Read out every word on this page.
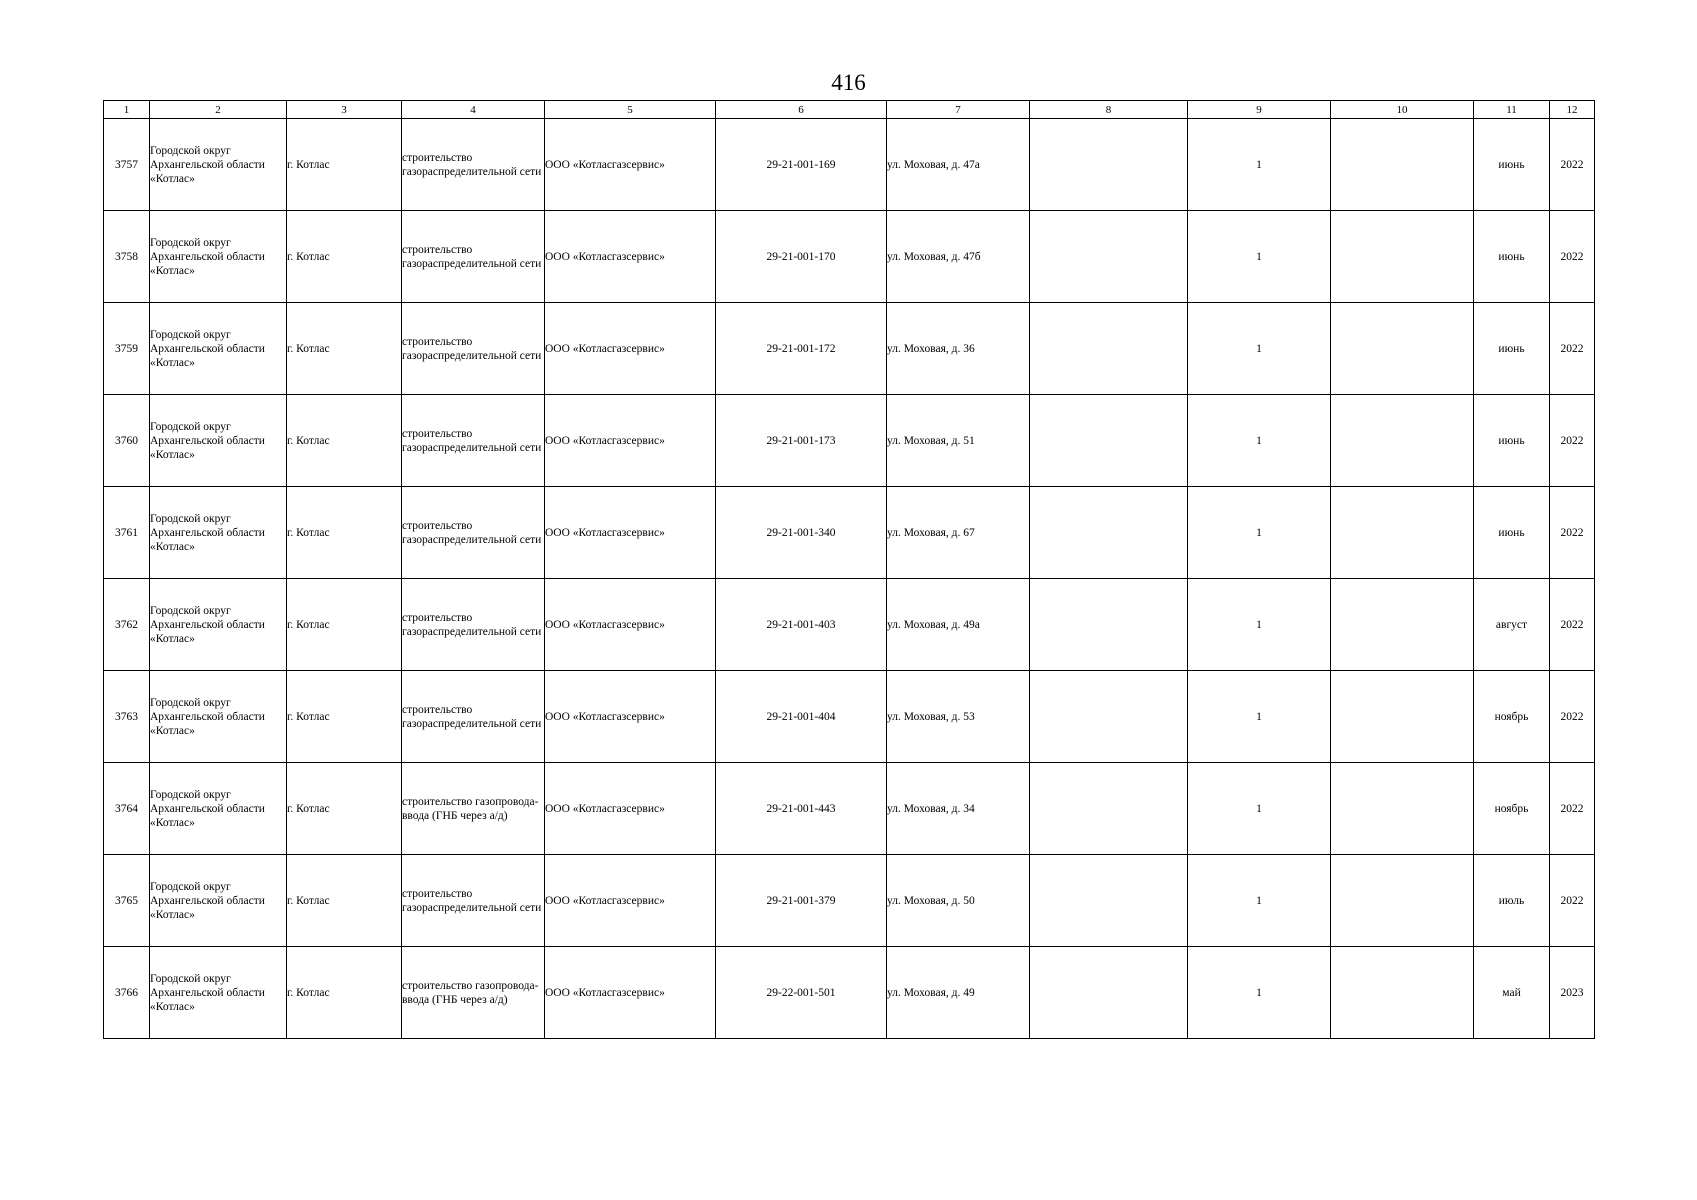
416
1	2	3	4	5	6	7	8	9	10	11	12
3757	Городской округ Архангельской области «Котлас»	г. Котлас	строительство газораспределительной сети	ООО «Котласгазсервис»	29-21-001-169	ул. Моховая, д. 47а		1		июнь	2022
3758	Городской округ Архангельской области «Котлас»	г. Котлас	строительство газораспределительной сети	ООО «Котласгазсервис»	29-21-001-170	ул. Моховая, д. 47б		1		июнь	2022
3759	Городской округ Архангельской области «Котлас»	г. Котлас	строительство газораспределительной сети	ООО «Котласгазсервис»	29-21-001-172	ул. Моховая, д. 36		1		июнь	2022
3760	Городской округ Архангельской области «Котлас»	г. Котлас	строительство газораспределительной сети	ООО «Котласгазсервис»	29-21-001-173	ул. Моховая, д. 51		1		июнь	2022
3761	Городской округ Архангельской области «Котлас»	г. Котлас	строительство газораспределительной сети	ООО «Котласгазсервис»	29-21-001-340	ул. Моховая, д. 67		1		июнь	2022
3762	Городской округ Архангельской области «Котлас»	г. Котлас	строительство газораспределительной сети	ООО «Котласгазсервис»	29-21-001-403	ул. Моховая, д. 49а		1		август	2022
3763	Городской округ Архангельской области «Котлас»	г. Котлас	строительство газораспределительной сети	ООО «Котласгазсервис»	29-21-001-404	ул. Моховая, д. 53		1		ноябрь	2022
3764	Городской округ Архангельской области «Котлас»	г. Котлас	строительство газопровода-ввода (ГНБ через а/д)	ООО «Котласгазсервис»	29-21-001-443	ул. Моховая, д. 34		1		ноябрь	2022
3765	Городской округ Архангельской области «Котлас»	г. Котлас	строительство газораспределительной сети	ООО «Котласгазсервис»	29-21-001-379	ул. Моховая, д. 50		1		июль	2022
3766	Городской округ Архангельской области «Котлас»	г. Котлас	строительство газопровода-ввода (ГНБ через а/д)	ООО «Котласгазсервис»	29-22-001-501	ул. Моховая, д. 49		1		май	2023
